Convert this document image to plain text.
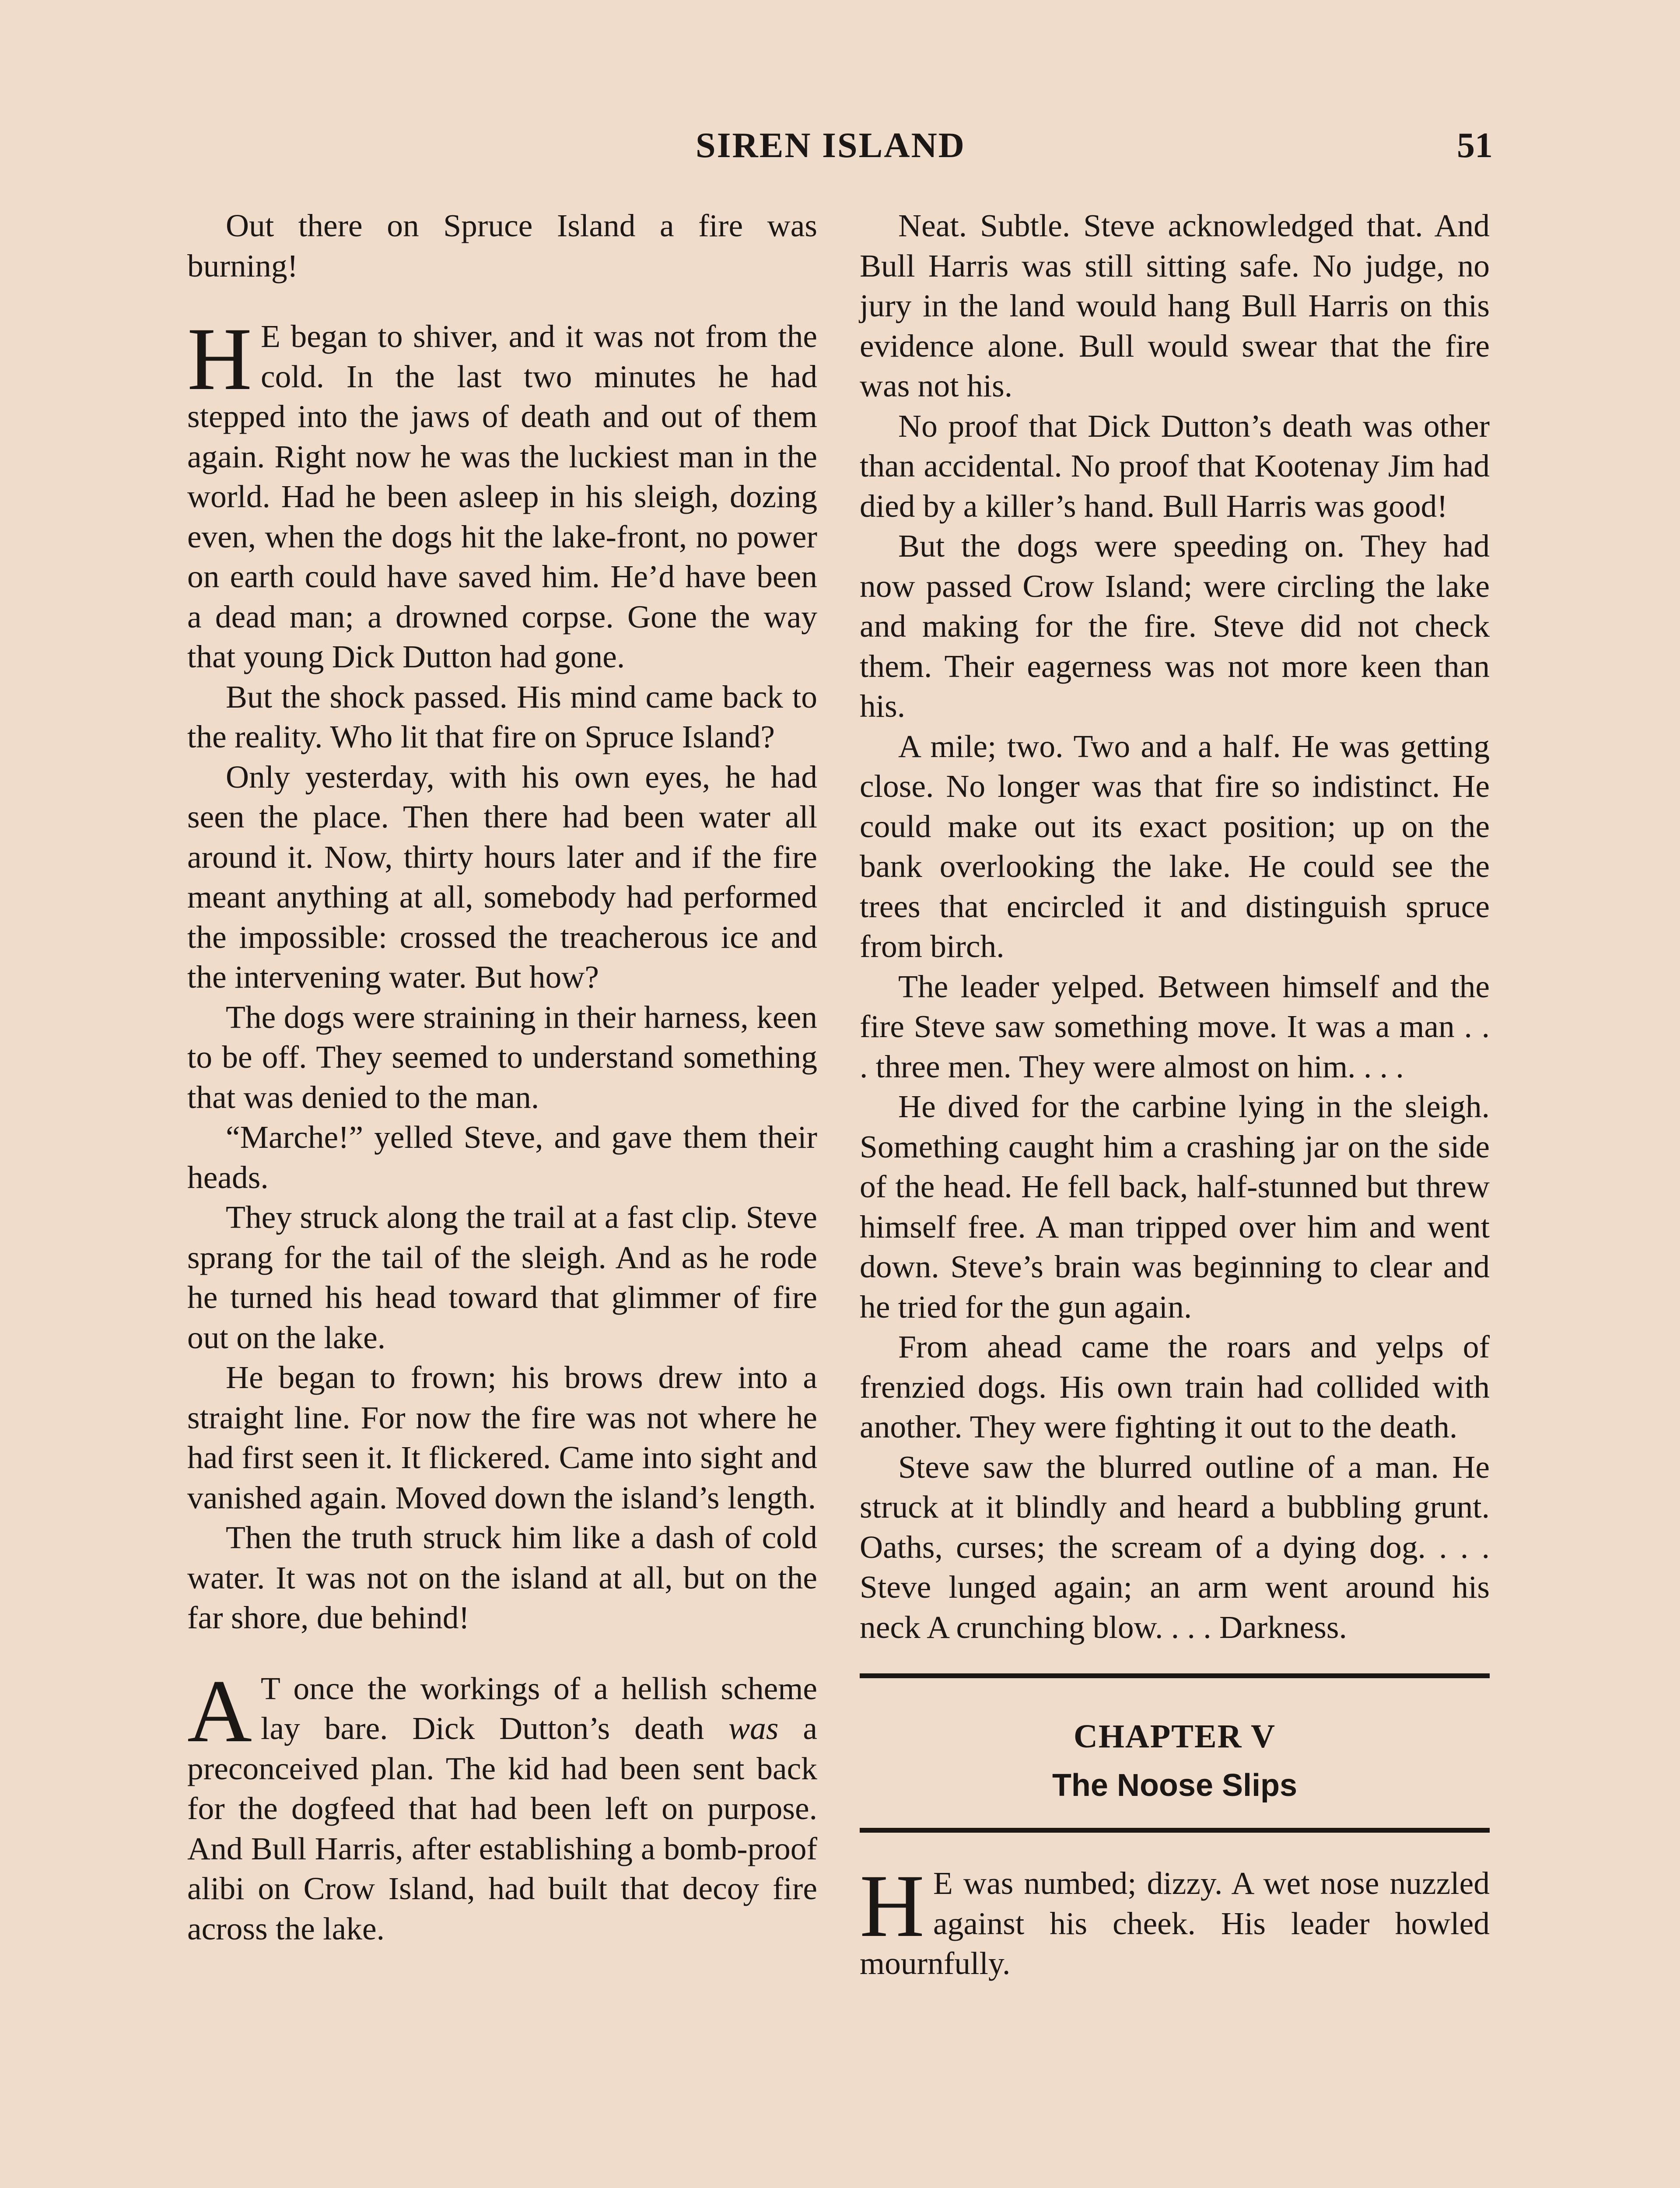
SIREN ISLAND	51

Out there on Spruce Island a fire was burning!

H E began to shiver, and it was not from the cold. In the last two minutes he had stepped into the jaws of death and out of them again. Right now he was the luckiest man in the world. Had he been asleep in his sleigh, dozing even, when the dogs hit the lake-front, no power on earth could have saved him. He’d have been a dead man; a drowned corpse. Gone the way that young Dick Dutton had gone.

But the shock passed. His mind came back to the reality. Who lit that fire on Spruce Island?

Only yesterday, with his own eyes, he had seen the place. Then there had been water all around it. Now, thirty hours later and if the fire meant anything at all, somebody had performed the impossible: crossed the treacherous ice and the intervening water. But how?

The dogs were straining in their harness, keen to be off. They seemed to understand something that was denied to the man.

“Marche!” yelled Steve, and gave them their heads.

They struck along the trail at a fast clip. Steve sprang for the tail of the sleigh. And as he rode he turned his head toward that glimmer of fire out on the lake.

He began to frown; his brows drew into a straight line. For now the fire was not where he had first seen it. It flickered. Came into sight and vanished again. Moved down the island’s length.

Then the truth struck him like a dash of cold water. It was not on the island at all, but on the far shore, due behind!

A T once the workings of a hellish scheme lay bare. Dick Dutton’s death was a preconceived plan. The kid had been sent back for the dogfeed that had been left on purpose. And Bull Harris, after establishing a bomb-proof alibi on Crow Island, had built that decoy fire across the lake.

Neat. Subtle. Steve acknowledged that. And Bull Harris was still sitting safe. No judge, no jury in the land would hang Bull Harris on this evidence alone. Bull would swear that the fire was not his.

No proof that Dick Dutton’s death was other than accidental. No proof that Kootenay Jim had died by a killer’s hand. Bull Harris was good!

But the dogs were speeding on. They had now passed Crow Island; were circling the lake and making for the fire. Steve did not check them. Their eagerness was not more keen than his.

A mile; two. Two and a half. He was getting close. No longer was that fire so indistinct. He could make out its exact position; up on the bank overlooking the lake. He could see the trees that encircled it and distinguish spruce from birch.

The leader yelped. Between himself and the fire Steve saw something move. It was a man . . . three men. They were almost on him. . . .

He dived for the carbine lying in the sleigh. Something caught him a crashing jar on the side of the head. He fell back, half-stunned but threw himself free. A man tripped over him and went down. Steve’s brain was beginning to clear and he tried for the gun again.

From ahead came the roars and yelps of frenzied dogs. His own train had collided with another. They were fighting it out to the death.

Steve saw the blurred outline of a man. He struck at it blindly and heard a bubbling grunt. Oaths, curses; the scream of a dying dog. . . . Steve lunged again; an arm went around his neck A crunching blow. . . . Darkness.

CHAPTER V
The Noose Slips

H E was numbed; dizzy. A wet nose nuzzled against his cheek. His leader howled mournfully.
